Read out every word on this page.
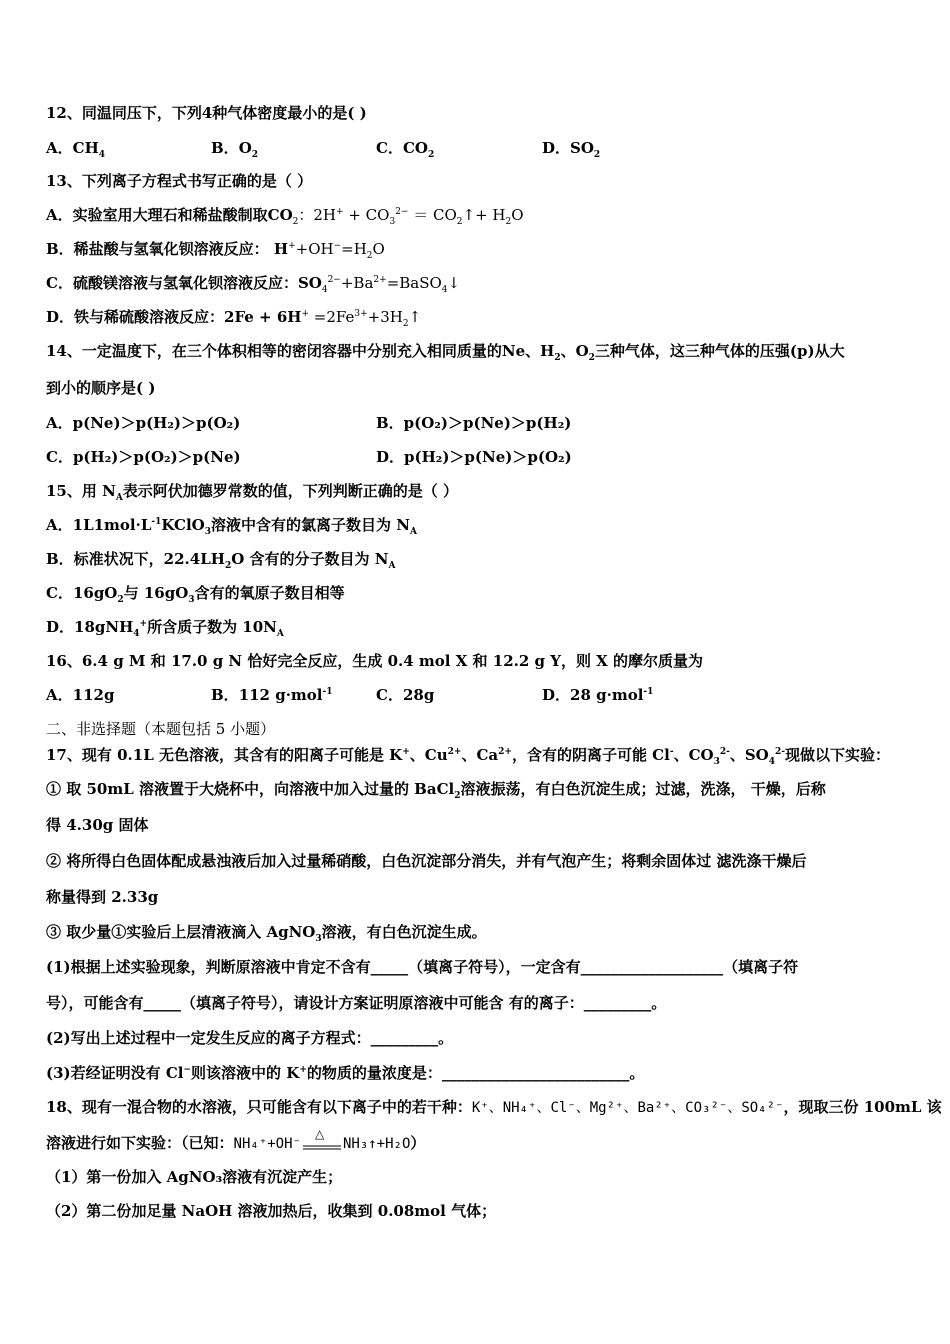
12、同温同压下，下列4种气体密度最小的是( )
A．$CH_4$	B．$O_2$	C．$CO_2$	D．$SO_2$
13、下列离子方程式书写正确的是（ ）
A．实验室用大理石和稀盐酸制取$CO_2$：$2H^+ + CO_3^{2-}$ ＝ $CO_2↑+ H_2O$
B．稀盐酸与氢氧化钡溶液反应： $H^++OH^-=H_2O$
C．硫酸镁溶液与氢氧化钡溶液反应：$SO_4^{2-}+Ba^{2+}=BaSO_4↓$
D．铁与稀硫酸溶液反应：$2Fe + 6H^+ =2Fe^{3+}+3H_2↑$
14、一定温度下，在三个体积相等的密闭容器中分别充入相同质量的Ne、$H_2$、$O_2$三种气体，这三种气体的压强(p)从大
到小的顺序是( )
A．p(Ne)＞p(H₂)＞p(O₂)	B．p(O₂)＞p(Ne)＞p(H₂)
C．p(H₂)＞p(O₂)＞p(Ne)	D．p(H₂)＞p(Ne)＞p(O₂)
15、用 $N_A$表示阿伏加德罗常数的值，下列判断正确的是（ ）
A．$1L1mol\cdot L^{-1}KClO_3$溶液中含有的氯离子数目为 $N_A$
B．标准状况下，$22.4LH_2O$ 含有的分子数目为 $N_A$
C．$16gO_2$与 $16gO_3$含有的氧原子数目相等
D．18gNH$_4$+所含质子数为 $10N_A$
16、6.4 g M 和 17.0 g N 恰好完全反应，生成 0.4 mol X 和 12.2 g Y，则 X 的摩尔质量为
A．112g	B．112 g·mol$^{-1}$	C．28g	D．28 g·mol$^{-1}$
二、非选择题（本题包括 5 小题）
17、现有 0.1L 无色溶液，其含有的阳离子可能是 K+、$Cu^{2+}$、$Ca^{2+}$，含有的阴离子可能 Cl-、$CO_3^{2-}$、$SO_4^{2-}$现做以下实验：
① 取 50mL 溶液置于大烧杯中，向溶液中加入过量的 BaCl$_2$溶液振荡，有白色沉淀生成；过滤，洗涤， 干燥，后称
得 4.30g 固体
② 将所得白色固体配成悬浊液后加入过量稀硝酸，白色沉淀部分消失，并有气泡产生；将剩余固体过 滤洗涤干燥后
称量得到 2.33g
③ 取少量①实验后上层清液滴入 AgNO$_3$溶液，有白色沉淀生成。
(1)根据上述实验现象，判断原溶液中肯定不含有_____（填离子符号），一定含有___________________（填离子符
号），可能含有_____（填离子符号），请设计方案证明原溶液中可能含 有的离子：_________。
(2)写出上述过程中一定发生反应的离子方程式：_________。
(3)若经证明没有 Cl−则该溶液中的 K+的物质的量浓度是：_________________________。
18、现有一混合物的水溶液，只可能含有以下离子中的若干种：K⁺、NH₄⁺、Cl⁻、Mg²⁺、Ba²⁺、CO₃²⁻、SO₄²⁻，现取三份 100mL 该
溶液进行如下实验：（已知：NH₄⁺+OH⁻
△
NH₃↑+H₂O）
（1）第一份加入 AgNO₃溶液有沉淀产生；
（2）第二份加足量 NaOH 溶液加热后，收集到 0.08mol 气体；
